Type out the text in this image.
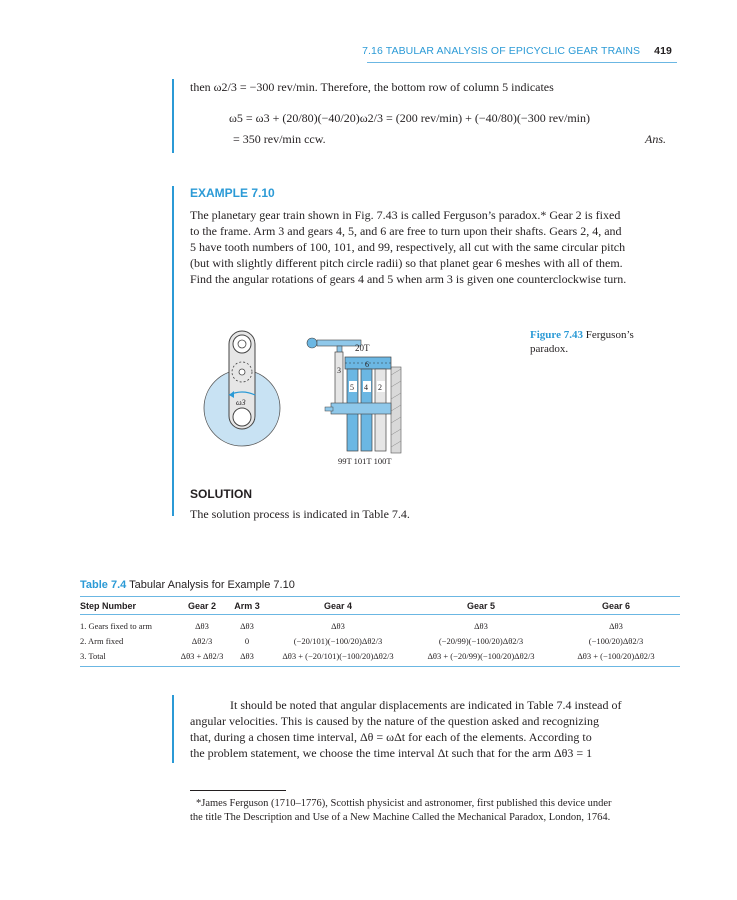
7.16 TABULAR ANALYSIS OF EPICYCLIC GEAR TRAINS 419
then ω2/3 = −300 rev/min. Therefore, the bottom row of column 5 indicates
ω5 = ω3 + (20/80)(−40/20)ω2/3 = (200 rev/min) + (−40/80)(−300 rev/min)
= 350 rev/min ccw.	Ans.
EXAMPLE 7.10
The planetary gear train shown in Fig. 7.43 is called Ferguson’s paradox.* Gear 2 is fixed
to the frame. Arm 3 and gears 4, 5, and 6 are free to turn upon their shafts. Gears 2, 4, and
5 have tooth numbers of 100, 101, and 99, respectively, all cut with the same circular pitch
(but with slightly different pitch circle radii) so that planet gear 6 meshes with all of them.
Find the angular rotations of gears 4 and 5 when arm 3 is given one counterclockwise turn.
ω3
20T
6
3
5 4 2
99T 101T 100T
Figure 7.43 Ferguson’s
paradox.
SOLUTION
The solution process is indicated in Table 7.4.
Table 7.4 Tabular Analysis for Example 7.10
Step Number	Gear 2	Arm 3	Gear 4	Gear 5	Gear 6

1. Gears fixed to arm	Δθ3	Δθ3	Δθ3	Δθ3	Δθ3
2. Arm fixed	Δθ2/3	0	(−20/101)(−100/20)Δθ2/3	(−20/99)(−100/20)Δθ2/3	(−100/20)Δθ2/3
3. Total	Δθ3 + Δθ2/3	Δθ3	Δθ3 + (−20/101)(−100/20)Δθ2/3	Δθ3 + (−20/99)(−100/20)Δθ2/3	Δθ3 + (−100/20)Δθ2/3

It should be noted that angular displacements are indicated in Table 7.4 instead of
angular velocities. This is caused by the nature of the question asked and recognizing
that, during a chosen time interval, Δθ = ωΔt for each of the elements. According to
the problem statement, we choose the time interval Δt such that for the arm Δθ3 = 1
*James Ferguson (1710–1776), Scottish physicist and astronomer, first published this device under
the title The Description and Use of a New Machine Called the Mechanical Paradox, London, 1764.
